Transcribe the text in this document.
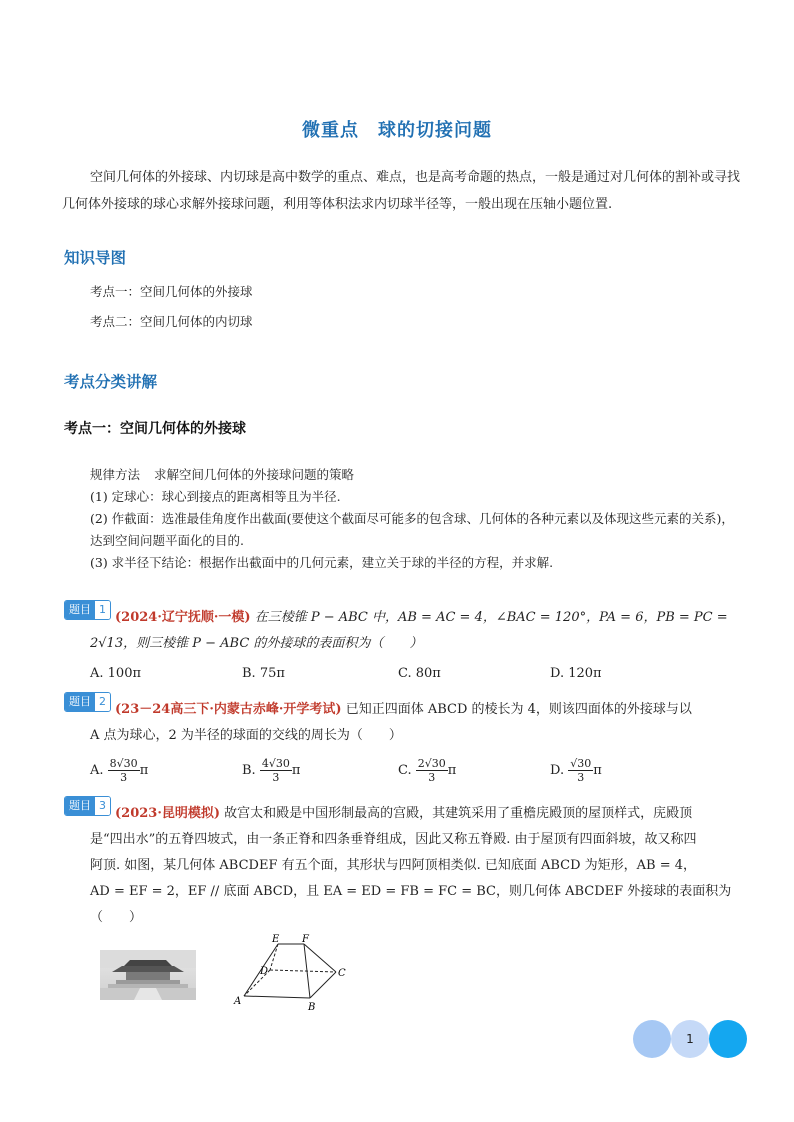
微重点　球的切接问题

空间几何体的外接球、内切球是高中数学的重点、难点，也是高考命题的热点，一般是通过对几何体的割补或寻找几何体外接球的球心求解外接球问题，利用等体积法求内切球半径等，一般出现在压轴小题位置.

知识导图
考点一：空间几何体的外接球
考点二：空间几何体的内切球
考点分类讲解
考点一：空间几何体的外接球

规律方法 求解空间几何体的外接球问题的策略

(1) 定球心：球心到接点的距离相等且为半径.

(2) 作截面：选准最佳角度作出截面(要使这个截面尽可能多的包含球、几何体的各种元素以及体现这些元素的关系)，达到空间问题平面化的目的.

(3) 求半径下结论：根据作出截面中的几何元素，建立关于球的半径的方程，并求解.

题目 1(2024·辽宁抚顺·一模) 在三棱锥 P − ABC 中，AB = AC = 4，∠BAC = 120°，PA = 6，PB = PC =

2√13，则三棱锥 P − ABC 的外接球的表面积为（　　）

A. 100π	B. 75π	C. 80π	D. 120π

题目 2(23－24高三下·内蒙古赤峰·开学考试) 已知正四面体 ABCD 的棱长为 4，则该四面体的外接球与以

A 点为球心，2 为半径的球面的交线的周长为（　　）

A. $\frac{8√30}{3}$ π	B. $\frac{4√30}{3}$ π	C. $\frac{2√30}{3}$ π	D. $\frac{√30}{3}$ π

题目 3(2023·昆明模拟) 故宫太和殿是中国形制最高的宫殿，其建筑采用了重檐庑殿顶的屋顶样式，庑殿顶

是“四出水”的五脊四坡式，由一条正脊和四条垂脊组成，因此又称五脊殿. 由于屋顶有四面斜坡，故又称四

阿顶. 如图，某几何体 ABCDEF 有五个面，其形状与四阿顶相类似. 已知底面 ABCD 为矩形，AB = 4，

AD = EF = 2，EF // 底面 ABCD，且 EA = ED = FB = FC = BC，则几何体 ABCDEF 外接球的表面积为

（　　）

E F
D	C
A
B
1
